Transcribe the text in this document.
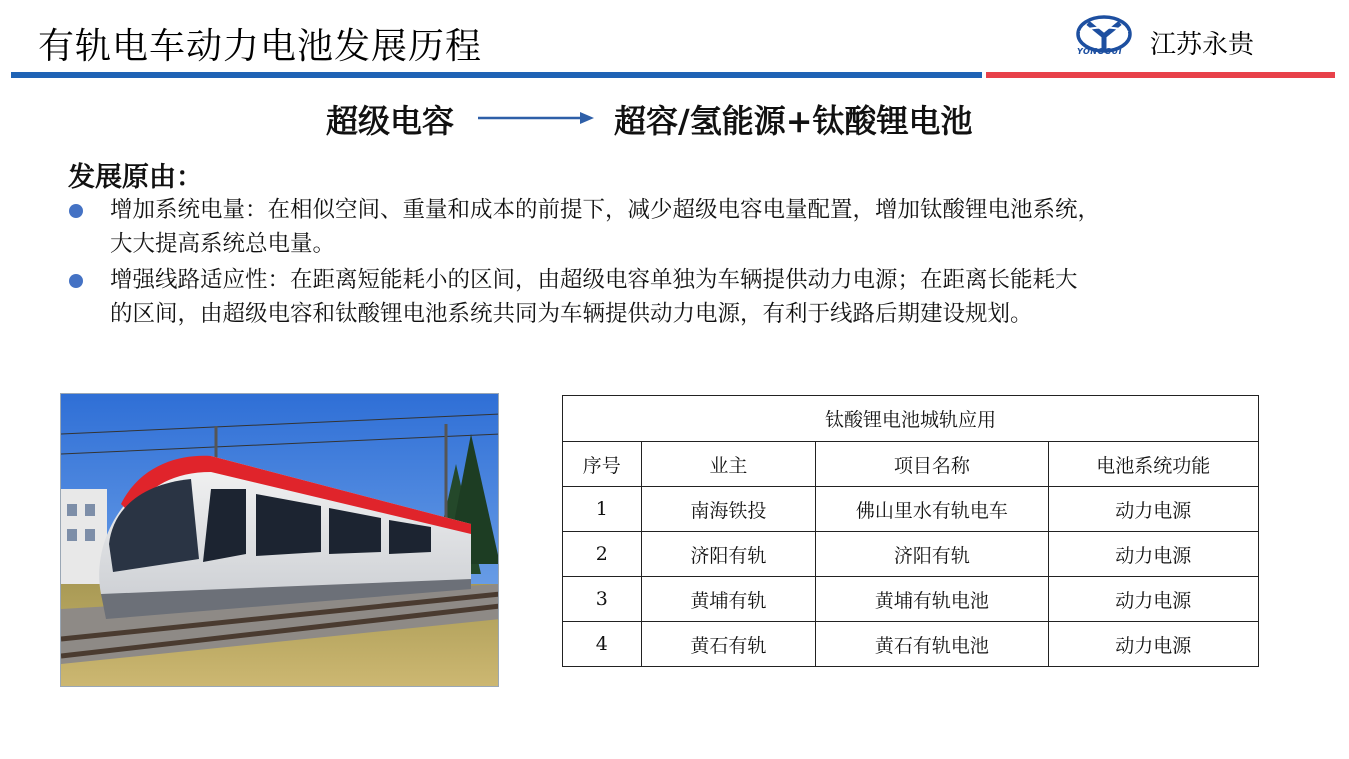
有轨电车动力电池发展历程	YONGGUI 江苏永贵
超级电容	超容/氢能源+钛酸锂电池
发展原由：
增加系统电量：在相似空间、重量和成本的前提下，减少超级电容电量配置，增加钛酸锂电池系统，
大大提高系统总电量。
增强线路适应性：在距离短能耗小的区间，由超级电容单独为车辆提供动力电源；在距离长能耗大
的区间，由超级电容和钛酸锂电池系统共同为车辆提供动力电源，有利于线路后期建设规划。
钛酸锂电池城轨应用			
序号	业主	项目名称	电池系统功能
1	南海铁投	佛山里水有轨电车	动力电源
2	济阳有轨	济阳有轨	动力电源
3	黄埔有轨	黄埔有轨电池	动力电源
4	黄石有轨	黄石有轨电池	动力电源
